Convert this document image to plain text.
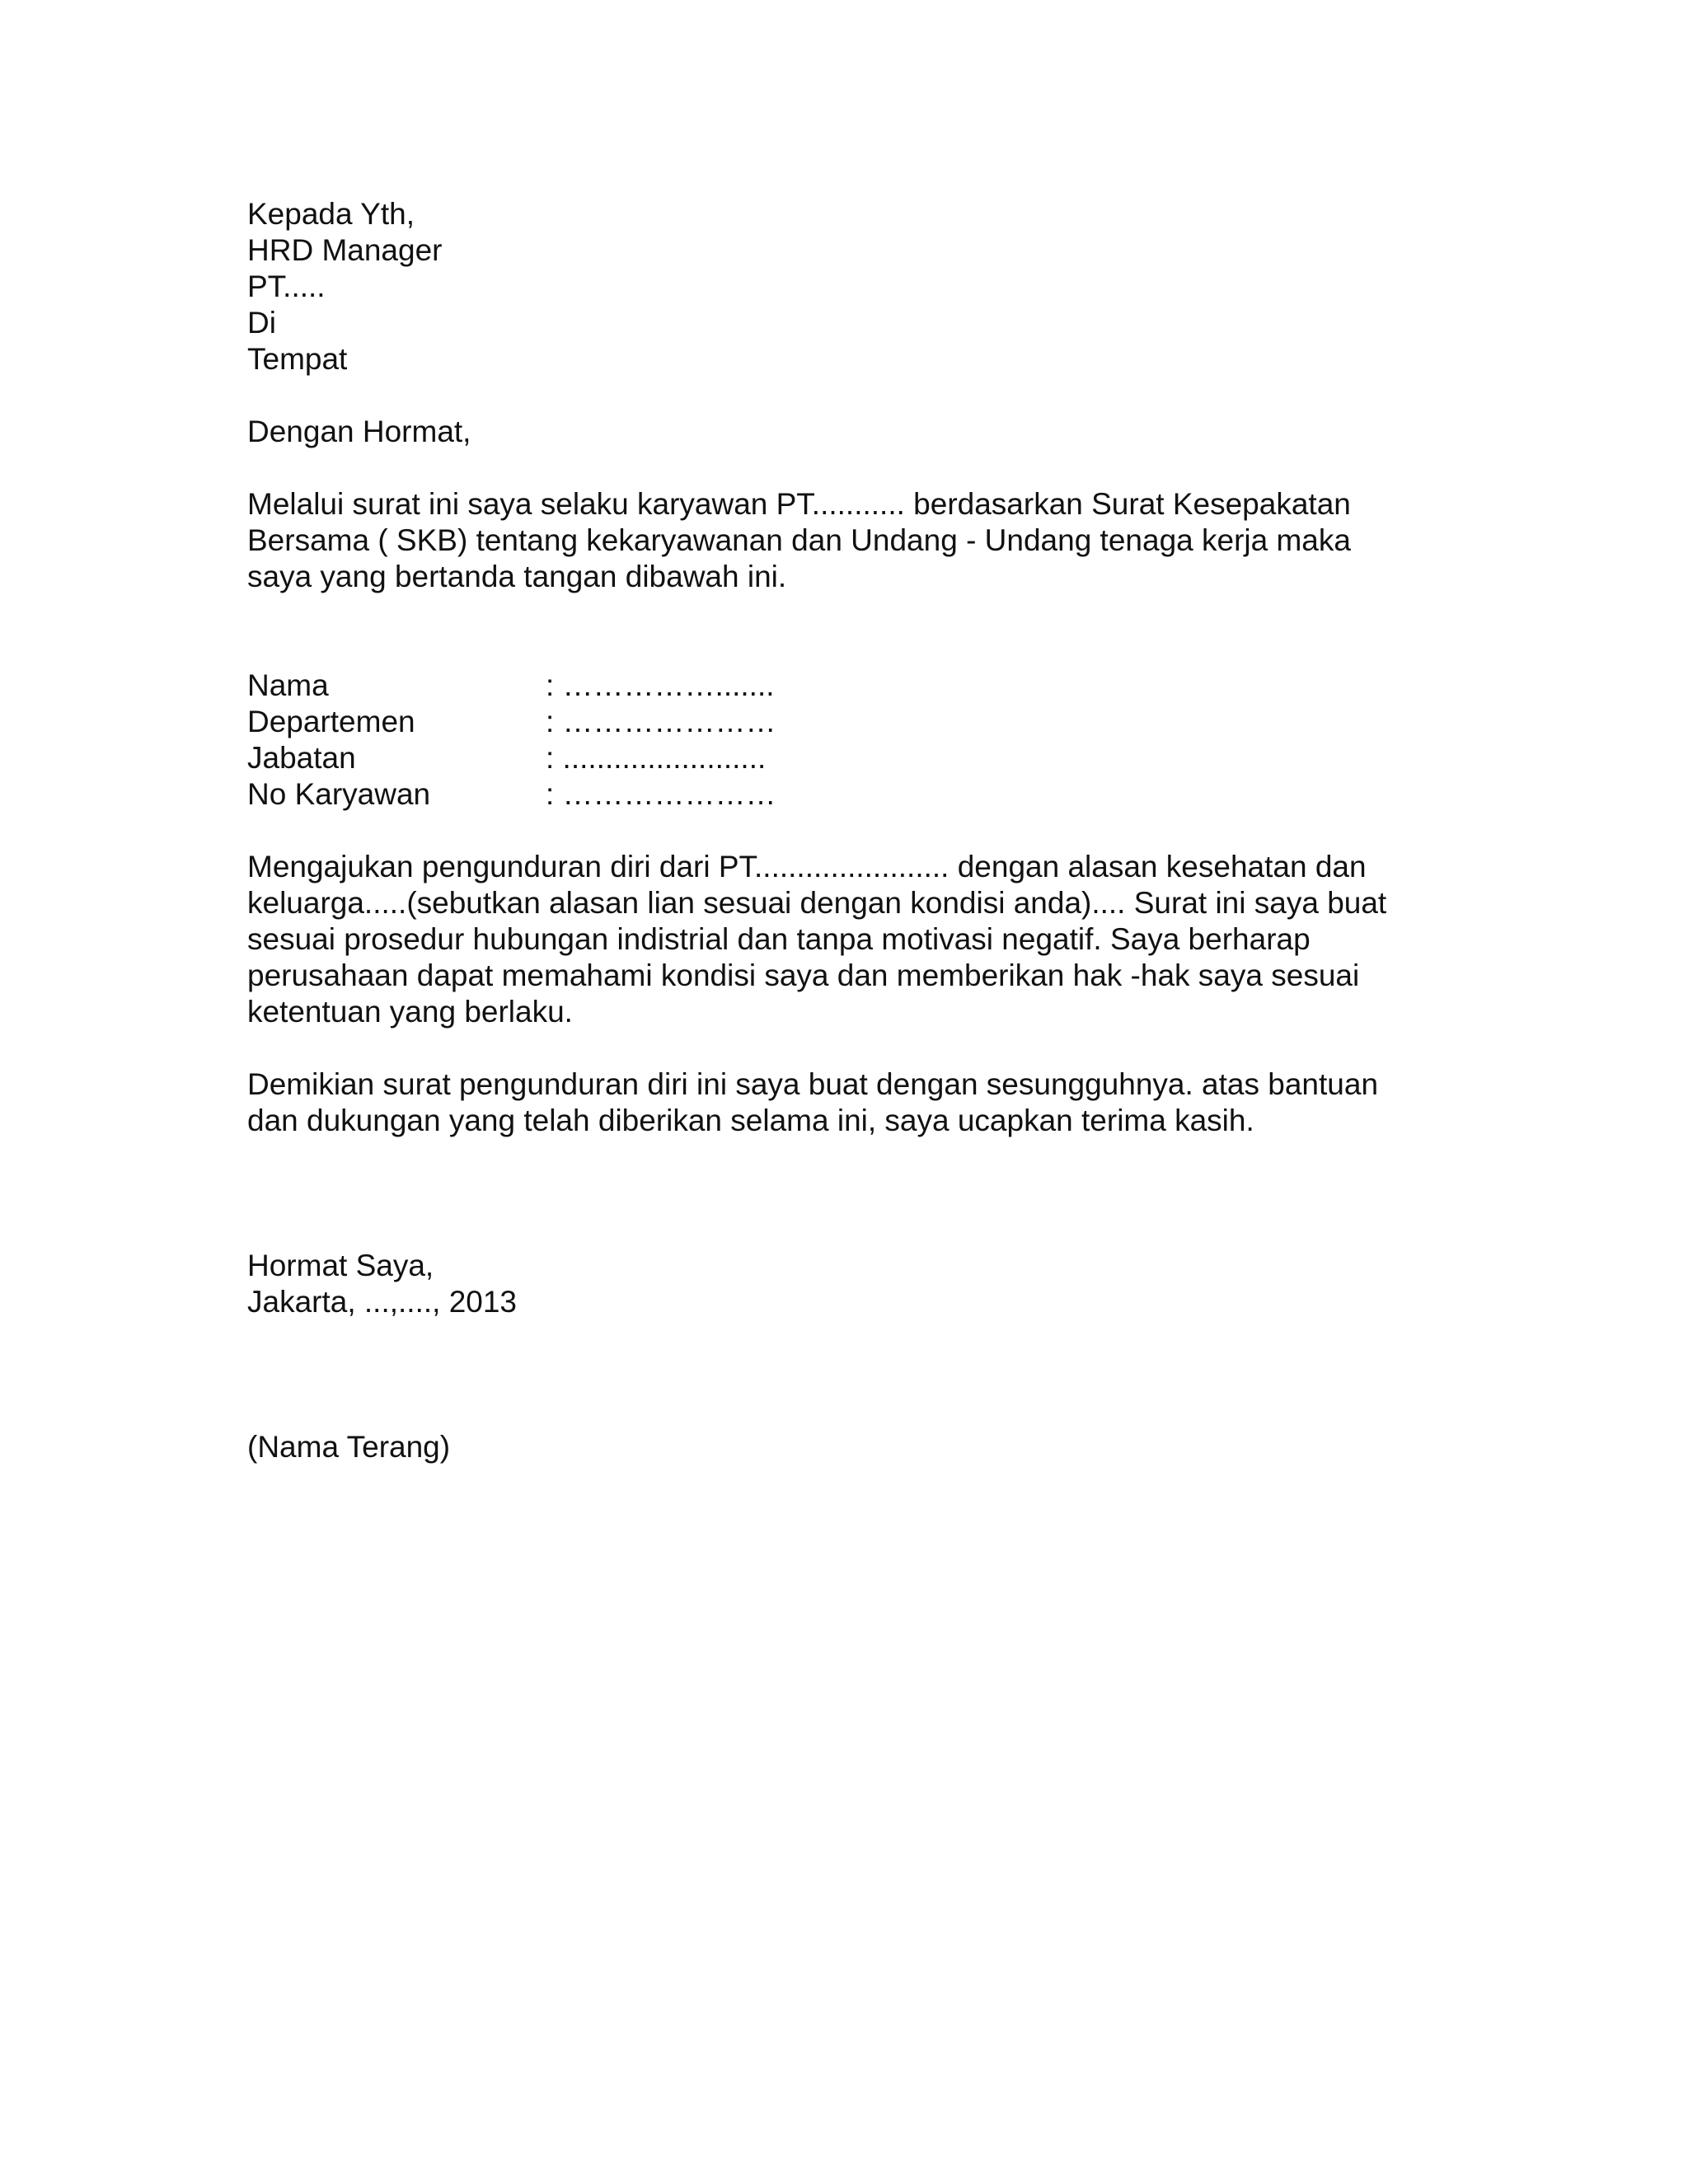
Kepada Yth,
HRD Manager
PT.....
Di
Tempat
Dengan Hormat,
Melalui surat ini saya selaku karyawan PT........... berdasarkan Surat Kesepakatan
Bersama ( SKB) tentang kekaryawanan dan Undang - Undang tenaga kerja maka
saya yang bertanda tangan dibawah ini.
Nama	: …………….......
Departemen	: …………………
Jabatan	: ........................
No Karyawan	: …………………
Mengajukan pengunduran diri dari PT....................... dengan alasan kesehatan dan
keluarga.....(sebutkan alasan lian sesuai dengan kondisi anda).... Surat ini saya buat
sesuai prosedur hubungan indistrial dan tanpa motivasi negatif. Saya berharap
perusahaan dapat memahami kondisi saya dan memberikan hak -hak saya sesuai
ketentuan yang berlaku.
Demikian surat pengunduran diri ini saya buat dengan sesungguhnya. atas bantuan
dan dukungan yang telah diberikan selama ini, saya ucapkan terima kasih.
Hormat Saya,
Jakarta, ...,...., 2013
(Nama Terang)
